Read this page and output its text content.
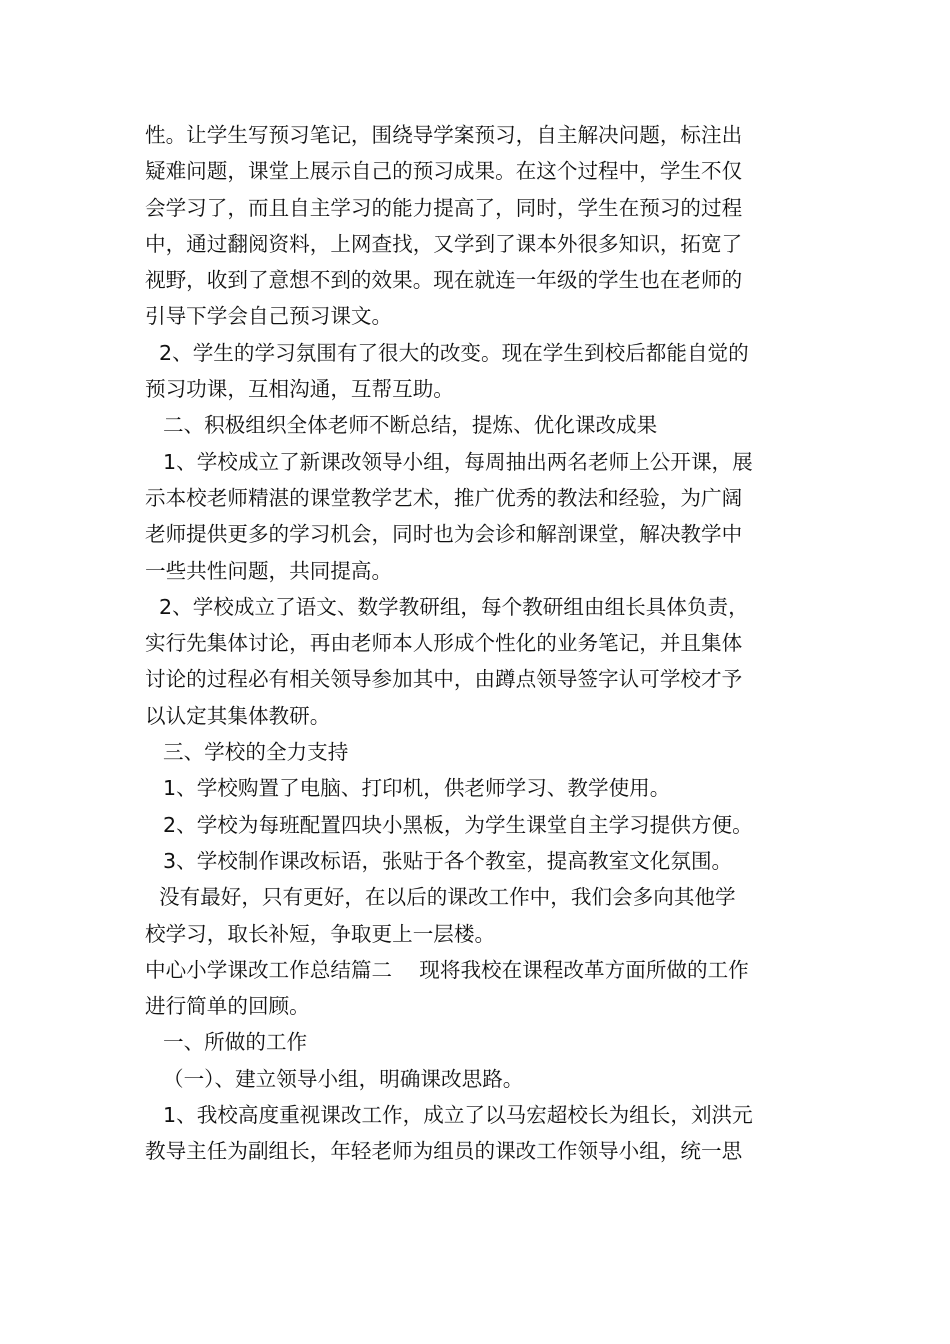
性。让学生写预习笔记，围绕导学案预习，自主解决问题，标注出

疑难问题，课堂上展示自己的预习成果。在这个过程中，学生不仅

会学习了，而且自主学习的能力提高了，同时，学生在预习的过程

中，通过翻阅资料，上网查找，又学到了课本外很多知识，拓宽了

视野，收到了意想不到的效果。现在就连一年级的学生也在老师的

引导下学会自己预习课文。

2、学生的学习氛围有了很大的改变。现在学生到校后都能自觉的

预习功课，互相沟通，互帮互助。

二、积极组织全体老师不断总结，提炼、优化课改成果

1、学校成立了新课改领导小组，每周抽出两名老师上公开课，展

示本校老师精湛的课堂教学艺术，推广优秀的教法和经验，为广阔

老师提供更多的学习机会，同时也为会诊和解剖课堂，解决教学中

一些共性问题，共同提高。

2、学校成立了语文、数学教研组，每个教研组由组长具体负责，

实行先集体讨论，再由老师本人形成个性化的业务笔记，并且集体

讨论的过程必有相关领导参加其中，由蹲点领导签字认可学校才予

以认定其集体教研。

三、学校的全力支持

1、学校购置了电脑、打印机，供老师学习、教学使用。

2、学校为每班配置四块小黑板，为学生课堂自主学习提供方便。

3、学校制作课改标语，张贴于各个教室，提高教室文化氛围。

没有最好，只有更好，在以后的课改工作中，我们会多向其他学

校学习，取长补短，争取更上一层楼。

中心小学课改工作总结篇二　 现将我校在课程改革方面所做的工作

进行简单的回顾。

一、所做的工作

（一）、建立领导小组，明确课改思路。

1、我校高度重视课改工作，成立了以马宏超校长为组长，刘洪元

教导主任为副组长，年轻老师为组员的课改工作领导小组，统一思
